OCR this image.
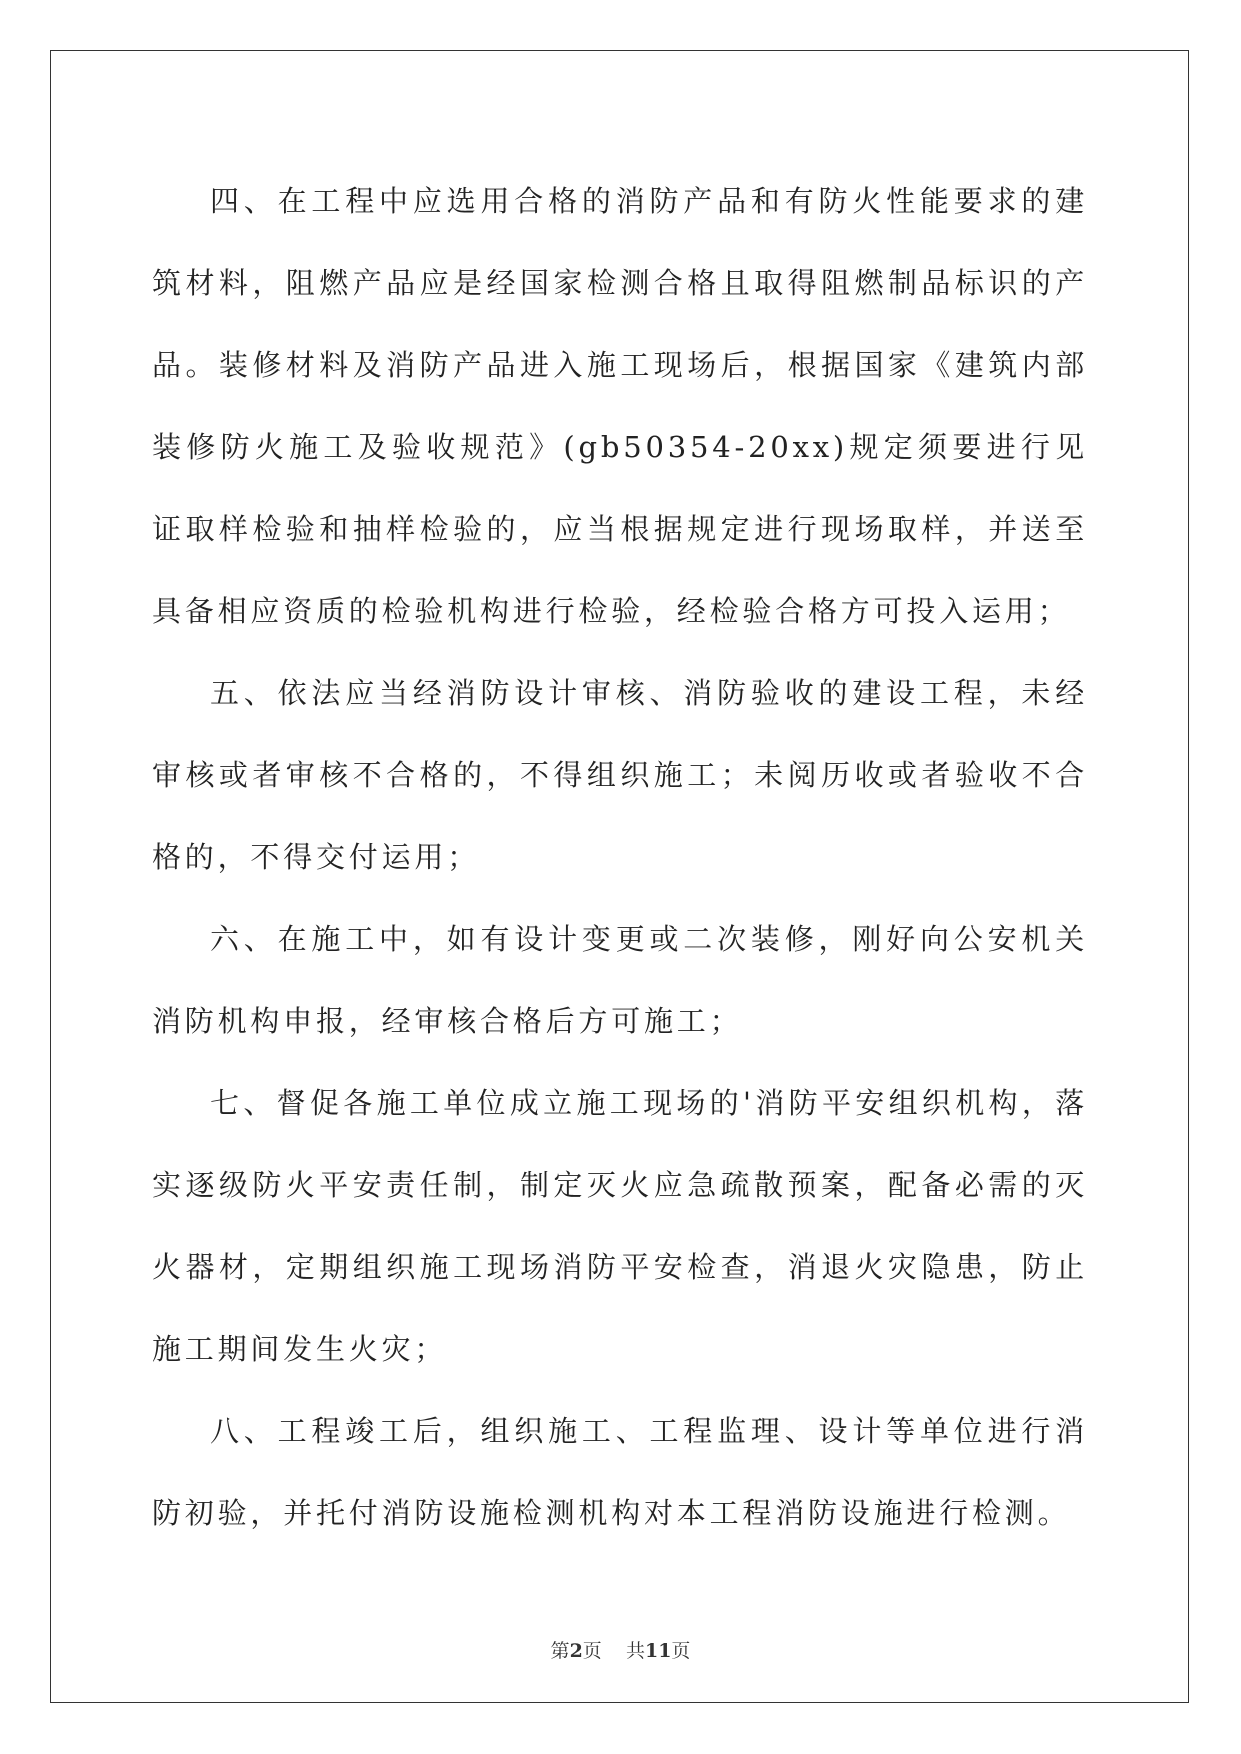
四、在工程中应选用合格的消防产品和有防火性能要求的建筑材料，阻燃产品应是经国家检测合格且取得阻燃制品标识的产品。装修材料及消防产品进入施工现场后，根据国家《建筑内部装修防火施工及验收规范》(gb50354-20xx)规定须要进行见证取样检验和抽样检验的，应当根据规定进行现场取样，并送至具备相应资质的检验机构进行检验，经检验合格方可投入运用；

五、依法应当经消防设计审核、消防验收的建设工程，未经审核或者审核不合格的，不得组织施工；未阅历收或者验收不合格的，不得交付运用；

六、在施工中，如有设计变更或二次装修，刚好向公安机关消防机构申报，经审核合格后方可施工；

七、督促各施工单位成立施工现场的'消防平安组织机构，落实逐级防火平安责任制，制定灭火应急疏散预案，配备必需的灭火器材，定期组织施工现场消防平安检查，消退火灾隐患，防止施工期间发生火灾；

八、工程竣工后，组织施工、工程监理、设计等单位进行消防初验，并托付消防设施检测机构对本工程消防设施进行检测。

第2页    共11页
